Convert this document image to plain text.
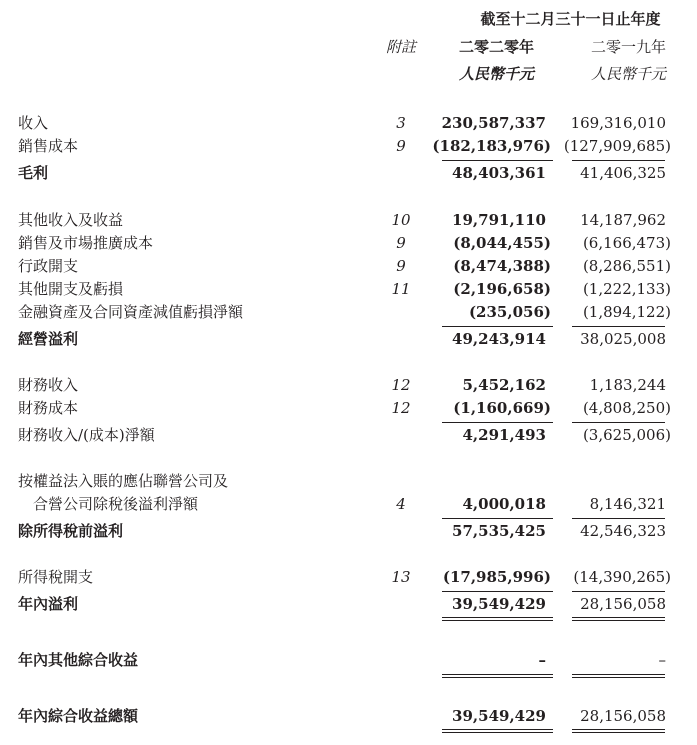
截至十二月三十一日止年度
附註	二零二零年	二零一九年
人民幣千元	人民幣千元
收入	3	230,587,337	169,316,010
銷售成本	9	(182,183,976) (127,909,685)
毛利	48,403,361	41,406,325
其他收入及收益	10	19,791,110	14,187,962
銷售及市場推廣成本	9	(8,044,455)	(6,166,473)
行政開支	9	(8,474,388)	(8,286,551)
其他開支及虧損	11	(2,196,658)	(1,222,133)
金融資產及合同資產減值虧損淨額	(235,056)	(1,894,122)
經營溢利	49,243,914	38,025,008
財務收入	12	5,452,162	1,183,244
財務成本	12	(1,160,669)	(4,808,250)
財務收入/(成本)淨額	4,291,493	(3,625,006)
按權益法入賬的應佔聯營公司及
合營公司除稅後溢利淨額	4	4,000,018	8,146,321
除所得稅前溢利	57,535,425	42,546,323
所得稅開支	13	(17,985,996)	(14,390,265)
年內溢利	39,549,429	28,156,058
年內其他綜合收益	–	–
年內綜合收益總額	39,549,429	28,156,058
